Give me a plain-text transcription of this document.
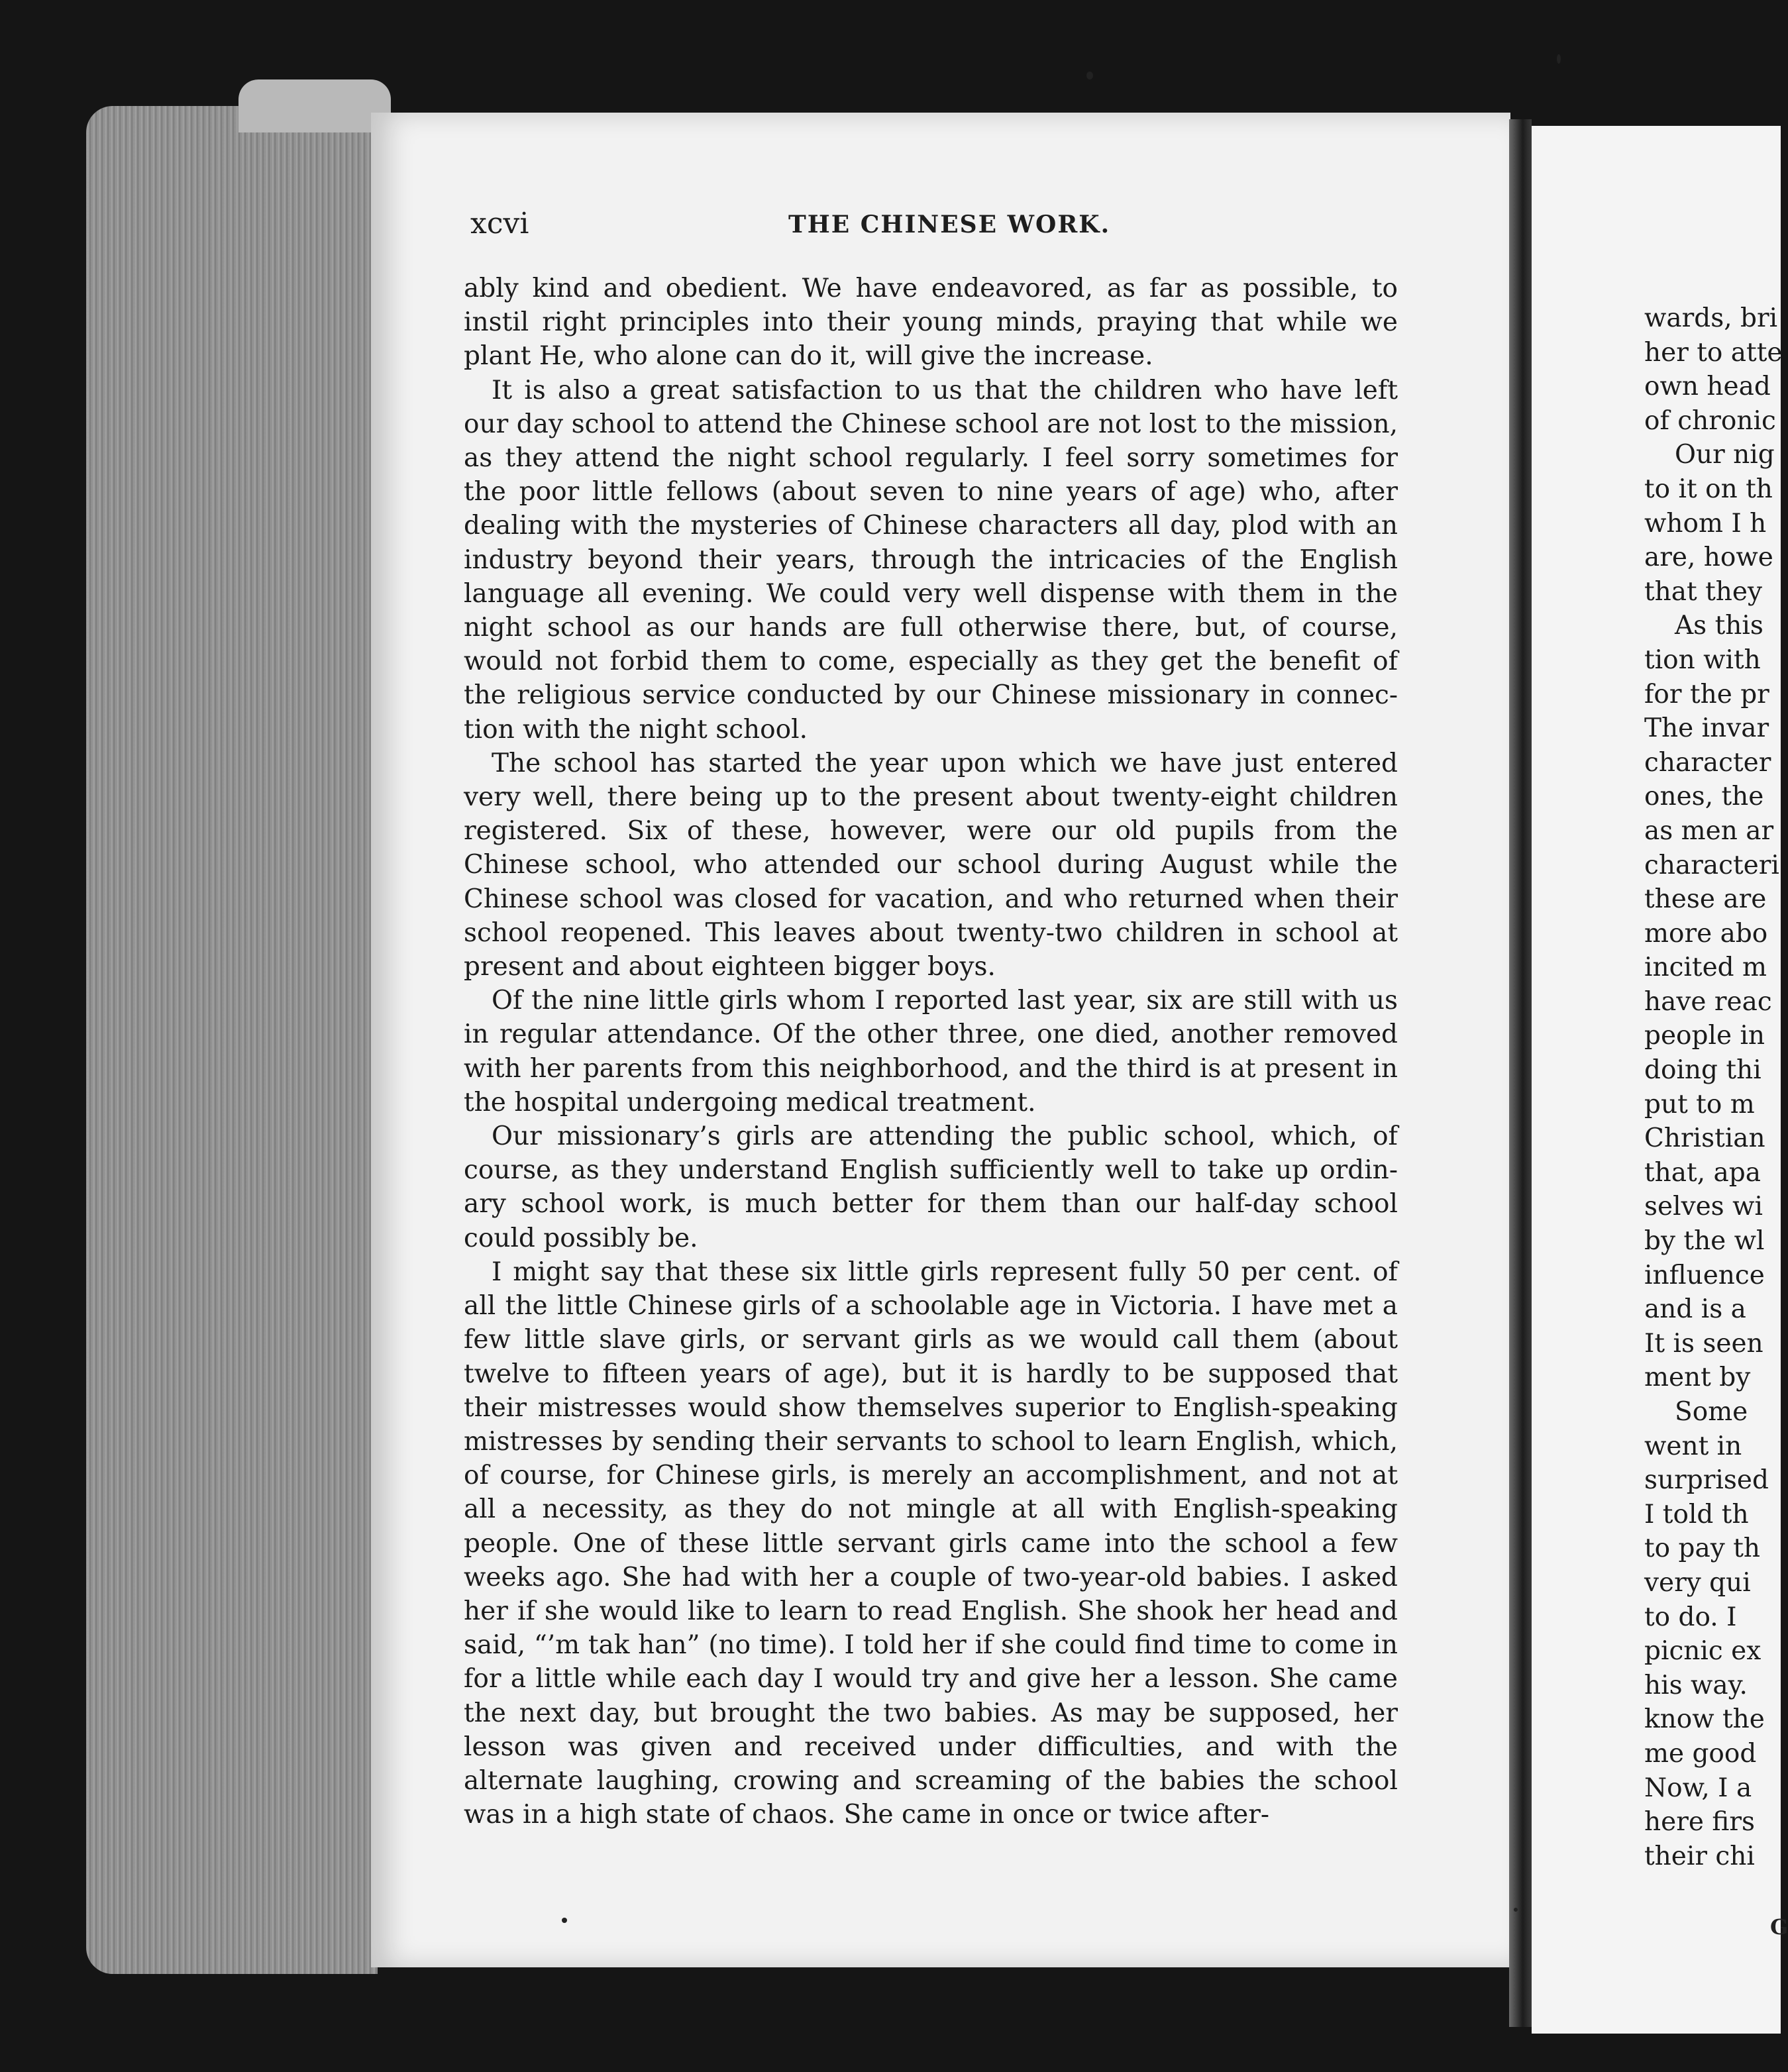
xcvi	THE CHINESE WORK.

ably kind and obedient. We have endeavored, as far as possible, to instil right principles into their young minds, praying that while we plant He, who alone can do it, will give the increase.

It is also a great satisfaction to us that the children who have left our day school to attend the Chinese school are not lost to the mission, as they attend the night school regularly. I feel sorry sometimes for the poor little fellows (about seven to nine years of age) who, after dealing with the mysteries of Chinese characters all day, plod with an industry beyond their years, through the intricacies of the English language all evening. We could very well dispense with them in the night school as our hands are full otherwise there, but, of course, would not forbid them to come, especially as they get the benefit of the religious service conducted by our Chinese missionary in connection with the night school.

The school has started the year upon which we have just entered very well, there being up to the present about twenty-eight children registered. Six of these, however, were our old pupils from the Chinese school, who attended our school during August while the Chinese school was closed for vacation, and who returned when their school reopened. This leaves about twenty-two children in school at present and about eighteen bigger boys.

Of the nine little girls whom I reported last year, six are still with us in regular attendance. Of the other three, one died, another removed with her parents from this neighborhood, and the third is at present in the hospital undergoing medical treatment.

Our missionary’s girls are attending the public school, which, of course, as they understand English sufficiently well to take up ordinary school work, is much better for them than our half-day school could possibly be.

I might say that these six little girls represent fully 50 per cent. of all the little Chinese girls of a schoolable age in Victoria. I have met a few little slave girls, or servant girls as we would call them (about twelve to fifteen years of age), but it is hardly to be supposed that their mistresses would show themselves superior to English-speaking mistresses by sending their servants to school to learn English, which, of course, for Chinese girls, is merely an accomplishment, and not at all a necessity, as they do not mingle at all with English-speaking people. One of these little servant girls came into the school a few weeks ago. She had with her a couple of two-year-old babies. I asked her if she would like to learn to read English. She shook her head and said, “’m tak han” (no time). I told her if she could find time to come in for a little while each day I would try and give her a lesson. She came the next day, but brought the two babies. As may be supposed, her lesson was given and received under difficulties, and with the alternate laughing, crowing and screaming of the babies the school was in a high state of chaos. She came in once or twice after-

wards, bri
her to atte
own head
of chronic
Our nig
to it on th
whom I h
are, howe
that they
As this
tion with
for the pr
The invar
character
ones, the
as men ar
characteri
these are
more abo
incited m
have reac
people in
doing thi
put to m
Christian
that, apa
selves wi
by the wl
influence
and is a
It is seen
ment by
Some
went in
surprised
I told th
to pay th
very qui
to do. I
picnic ex
his way.
know the
me good
Now, I a
here firs
their chi
G
